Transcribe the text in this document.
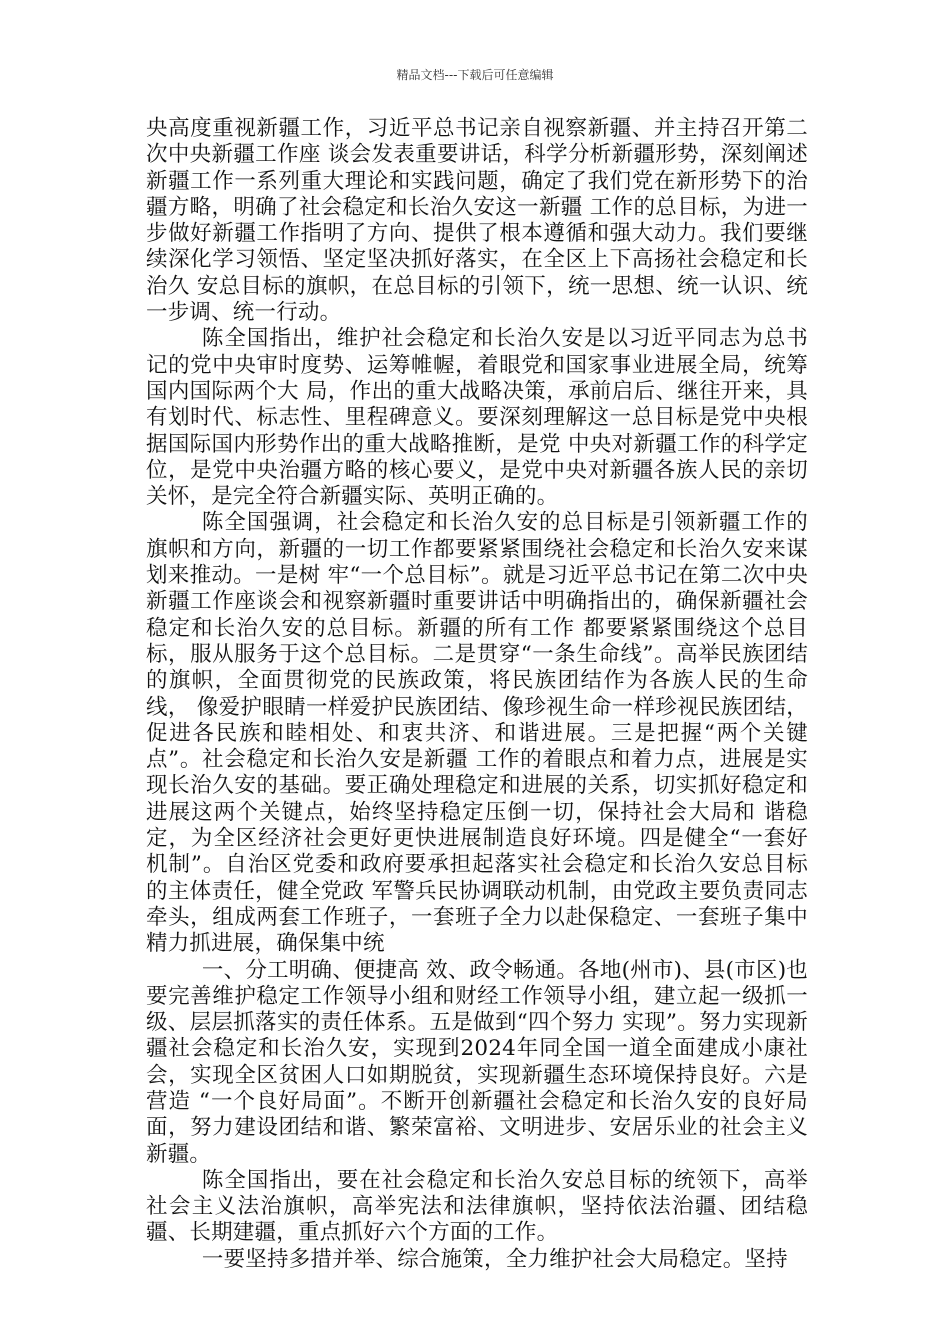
精品文档---下载后可任意编辑

央高度重视新疆工作，习近平总书记亲自视察新疆、并主持召开第二次中央新疆工作座 谈会发表重要讲话，科学分析新疆形势，深刻阐述新疆工作一系列重大理论和实践问题，确定了我们党在新形势下的治疆方略，明确了社会稳定和长治久安这一新疆 工作的总目标，为进一步做好新疆工作指明了方向、提供了根本遵循和强大动力。我们要继续深化学习领悟、坚定坚决抓好落实，在全区上下高扬社会稳定和长治久 安总目标的旗帜，在总目标的引领下，统一思想、统一认识、统一步调、统一行动。

陈全国指出，维护社会稳定和长治久安是以习近平同志为总书记的党中央审时度势、运筹帷幄，着眼党和国家事业进展全局，统筹国内国际两个大 局，作出的重大战略决策，承前启后、继往开来，具有划时代、标志性、里程碑意义。要深刻理解这一总目标是党中央根据国际国内形势作出的重大战略推断，是党 中央对新疆工作的科学定位，是党中央治疆方略的核心要义，是党中央对新疆各族人民的亲切关怀，是完全符合新疆实际、英明正确的。

陈全国强调，社会稳定和长治久安的总目标是引领新疆工作的旗帜和方向，新疆的一切工作都要紧紧围绕社会稳定和长治久安来谋划来推动。一是树 牢“一个总目标”。就是习近平总书记在第二次中央新疆工作座谈会和视察新疆时重要讲话中明确指出的，确保新疆社会稳定和长治久安的总目标。新疆的所有工作 都要紧紧围绕这个总目标，服从服务于这个总目标。二是贯穿“一条生命线”。高举民族团结的旗帜，全面贯彻党的民族政策，将民族团结作为各族人民的生命线， 像爱护眼睛一样爱护民族团结、像珍视生命一样珍视民族团结，促进各民族和睦相处、和衷共济、和谐进展。三是把握“两个关键点”。社会稳定和长治久安是新疆 工作的着眼点和着力点，进展是实现长治久安的基础。要正确处理稳定和进展的关系，切实抓好稳定和进展这两个关键点，始终坚持稳定压倒一切，保持社会大局和 谐稳定，为全区经济社会更好更快进展制造良好环境。四是健全“一套好机制”。自治区党委和政府要承担起落实社会稳定和长治久安总目标的主体责任，健全党政 军警兵民协调联动机制，由党政主要负责同志牵头，组成两套工作班子，一套班子全力以赴保稳定、一套班子集中精力抓进展，确保集中统

一、分工明确、便捷高 效、政令畅通。各地(州市)、县(市区)也要完善维护稳定工作领导小组和财经工作领导小组，建立起一级抓一级、层层抓落实的责任体系。五是做到“四个努力 实现”。努力实现新疆社会稳定和长治久安，实现到2024年同全国一道全面建成小康社会，实现全区贫困人口如期脱贫，实现新疆生态环境保持良好。六是营造 “一个良好局面”。不断开创新疆社会稳定和长治久安的良好局面，努力建设团结和谐、繁荣富裕、文明进步、安居乐业的社会主义新疆。

陈全国指出，要在社会稳定和长治久安总目标的统领下，高举社会主义法治旗帜，高举宪法和法律旗帜，坚持依法治疆、团结稳疆、长期建疆，重点抓好六个方面的工作。

一要坚持多措并举、综合施策，全力维护社会大局稳定。坚持
